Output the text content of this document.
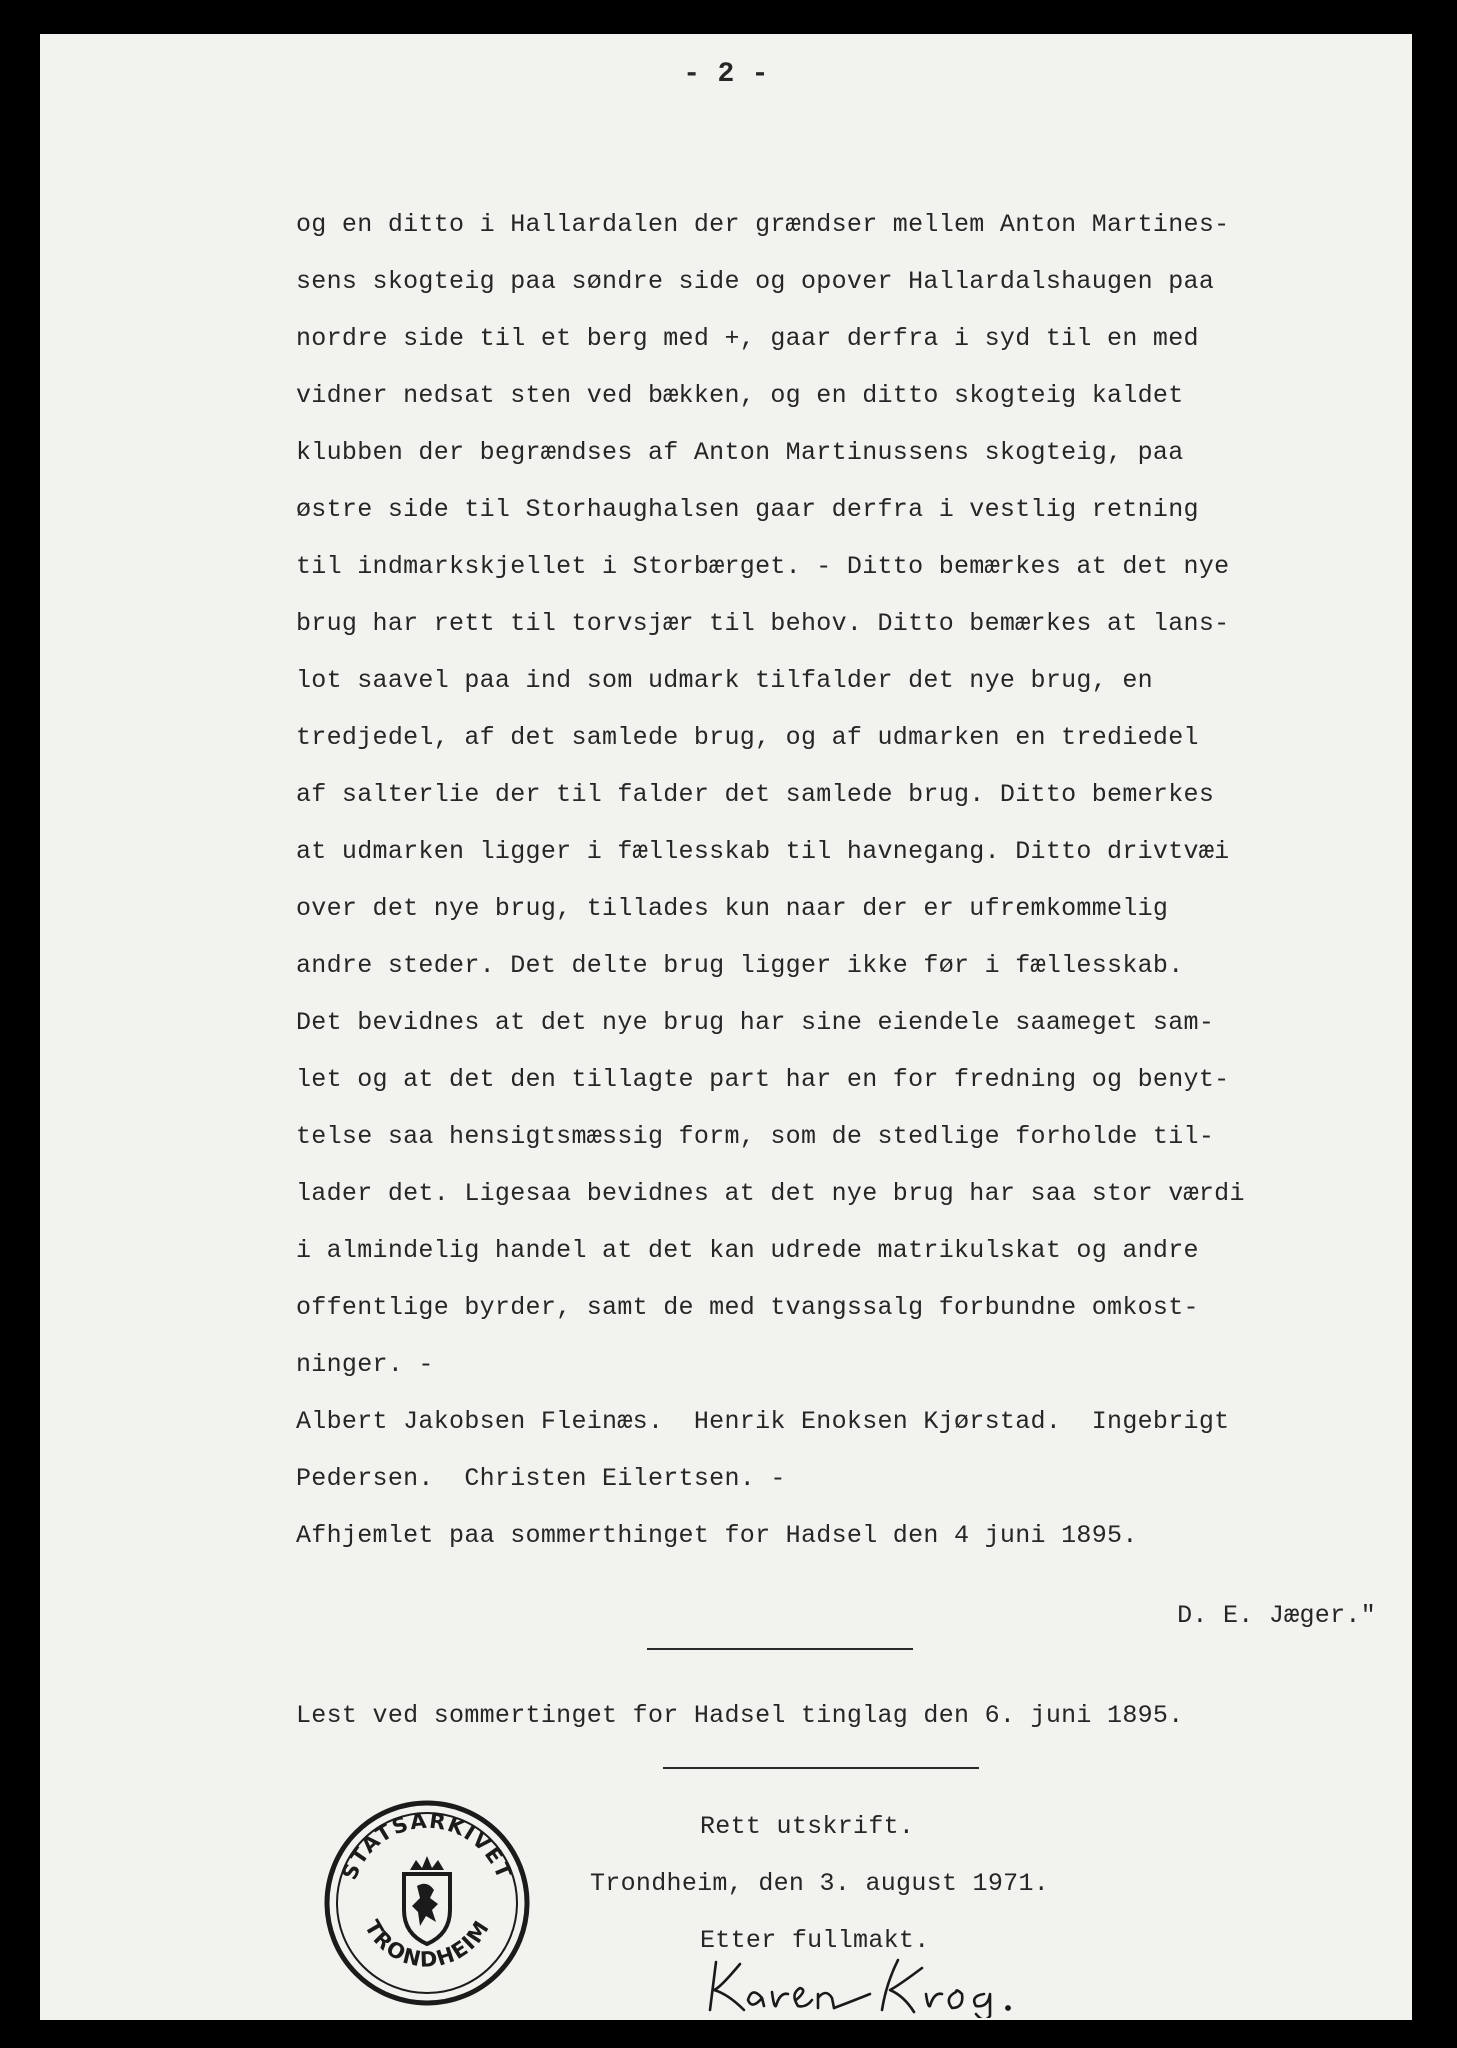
- 2 -
og en ditto i Hallardalen der grændser mellem Anton Martines-
sens skogteig paa søndre side og opover Hallardalshaugen paa
nordre side til et berg med +, gaar derfra i syd til en med
vidner nedsat sten ved bækken, og en ditto skogteig kaldet
klubben der begrændses af Anton Martinussens skogteig, paa
østre side til Storhaughalsen gaar derfra i vestlig retning
til indmarkskjellet i Storbærget. - Ditto bemærkes at det nye
brug har rett til torvsjær til behov. Ditto bemærkes at lans-
lot saavel paa ind som udmark tilfalder det nye brug, en
tredjedel, af det samlede brug, og af udmarken en trediedel
af salterlie der til falder det samlede brug. Ditto bemerkes
at udmarken ligger i fællesskab til havnegang. Ditto drivtvæi
over det nye brug, tillades kun naar der er ufremkommelig
andre steder. Det delte brug ligger ikke før i fællesskab.
Det bevidnes at det nye brug har sine eiendele saameget sam-
let og at det den tillagte part har en for fredning og benyt-
telse saa hensigtsmæssig form, som de stedlige forholde til-
lader det. Ligesaa bevidnes at det nye brug har saa stor værdi
i almindelig handel at det kan udrede matrikulskat og andre
offentlige byrder, samt de med tvangssalg forbundne omkost-
ninger. -
Albert Jakobsen Fleinæs.  Henrik Enoksen Kjørstad.  Ingebrigt
Pedersen.  Christen Eilertsen. -
Afhjemlet paa sommerthinget for Hadsel den 4 juni 1895.
D. E. Jæger."
Lest ved sommertinget for Hadsel tinglag den 6. juni 1895.
Rett utskrift.
Trondheim, den 3. august 1971.
Etter fullmakt.
STATSARKIVET
TRONDHEIM
